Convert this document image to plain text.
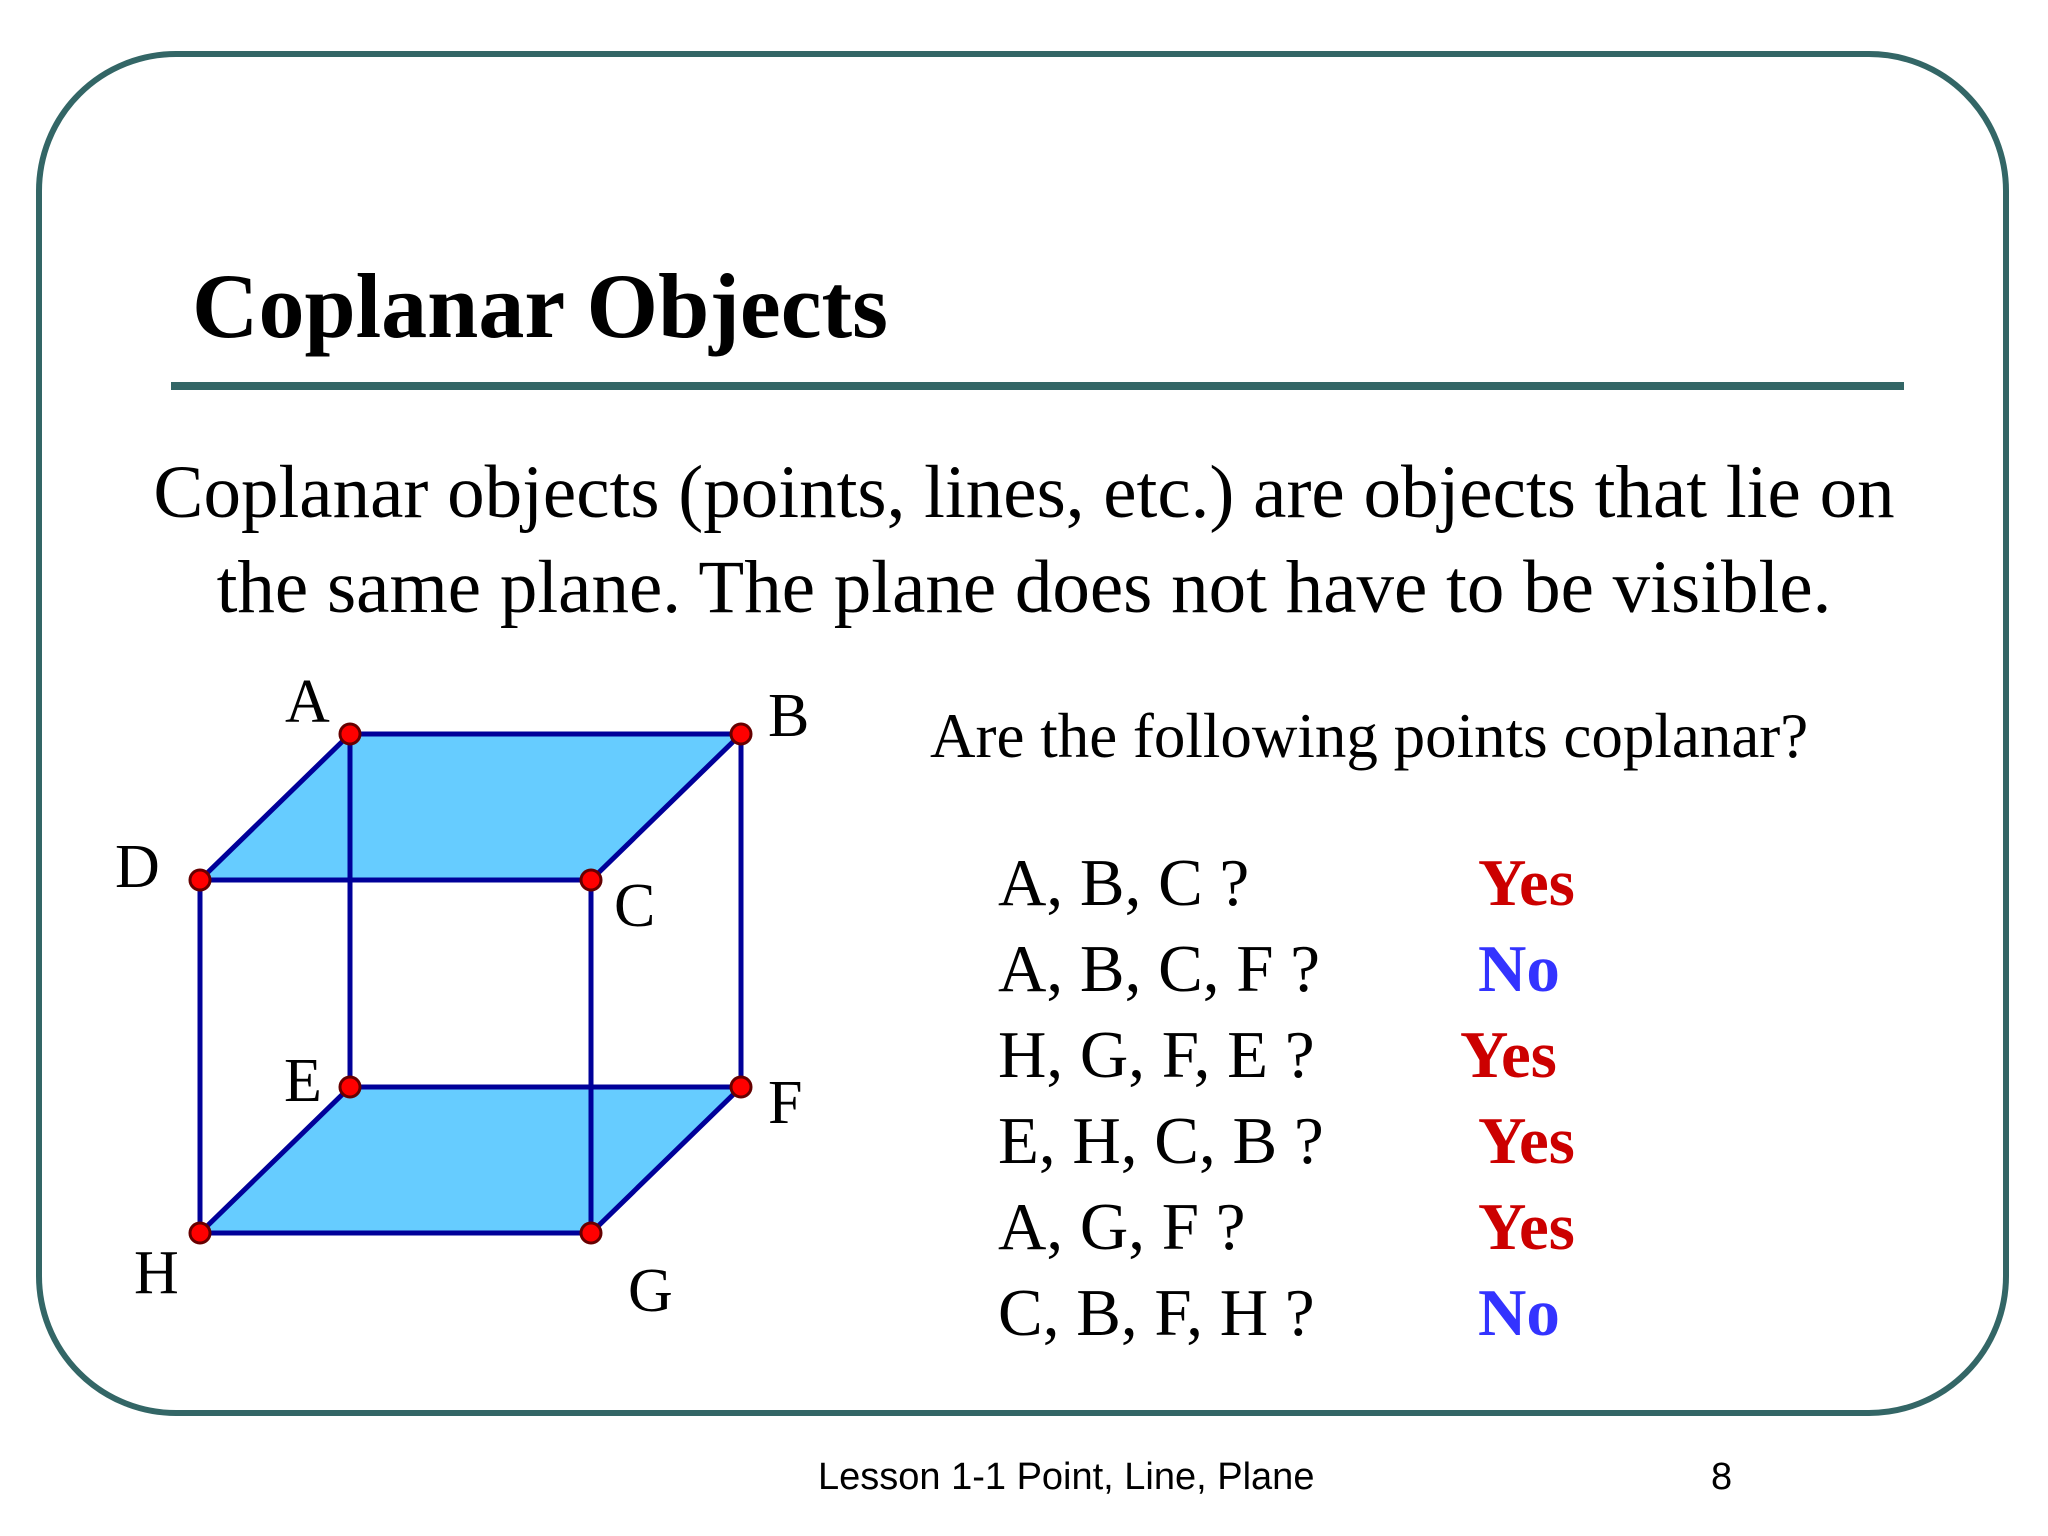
Coplanar Objects
Coplanar objects (points, lines, etc.) are objects that lie on
the same plane. The plane does not have to be visible.
A	B
C
D
E	F
G
H
Are the following points coplanar?
A, B, C ?	Yes
A, B, C, F ? No
H, G, F, E ? Yes
E, H, C, B ? Yes
A, G, F ?	Yes
C, B, F, H ? No
Lesson 1-1 Point, Line, Plane	8
